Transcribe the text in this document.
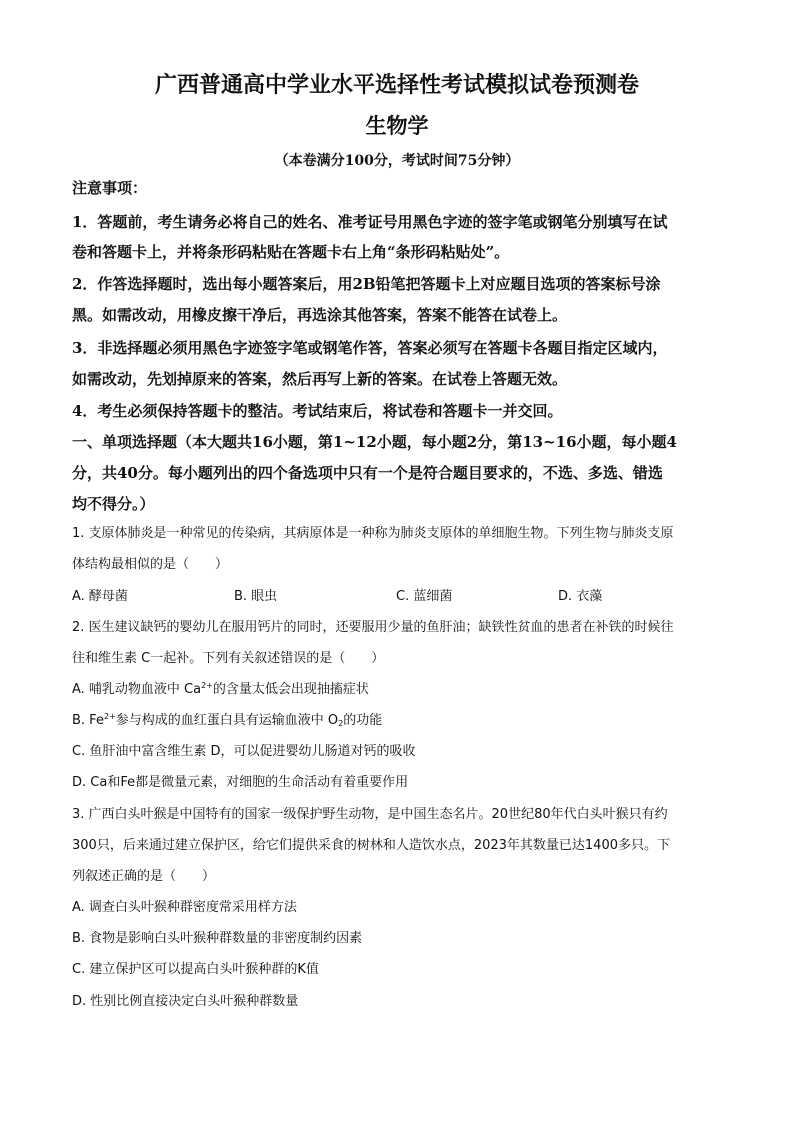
广西普通高中学业水平选择性考试模拟试卷预测卷
生物学
（本卷满分100分，考试时间75分钟）
注意事项：
1．答题前，考生请务必将自己的姓名、准考证号用黑色字迹的签字笔或钢笔分别填写在试
卷和答题卡上，并将条形码粘贴在答题卡右上角“条形码粘贴处”。
2．作答选择题时，选出每小题答案后，用2B铅笔把答题卡上对应题目选项的答案标号涂
黑。如需改动，用橡皮擦干净后，再选涂其他答案，答案不能答在试卷上。
3．非选择题必须用黑色字迹签字笔或钢笔作答，答案必须写在答题卡各题目指定区域内，
如需改动，先划掉原来的答案，然后再写上新的答案。在试卷上答题无效。
4．考生必须保持答题卡的整洁。考试结束后，将试卷和答题卡一并交回。
一、单项选择题（本大题共16小题，第1~12小题，每小题2分，第13~16小题，每小题4
分，共40分。每小题列出的四个备选项中只有一个是符合题目要求的，不选、多选、错选
均不得分。）
1. 支原体肺炎是一种常见的传染病，其病原体是一种称为肺炎支原体的单细胞生物。下列生物与肺炎支原
体结构最相似的是（　　）
A. 酵母菌	B. 眼虫	C. 蓝细菌	D. 衣藻
2. 医生建议缺钙的婴幼儿在服用钙片的同时，还要服用少量的鱼肝油；缺铁性贫血的患者在补铁的时候往
往和维生素 C一起补。下列有关叙述错误的是（　　）
A. 哺乳动物血液中 $Ca^{2+}$的含量太低会出现抽搐症状
B. $Fe^{2+}$参与构成的血红蛋白具有运输血液中 $O_2$的功能
C. 鱼肝油中富含维生素 D，可以促进婴幼儿肠道对钙的吸收
D. Ca和Fe都是微量元素，对细胞的生命活动有着重要作用
3. 广西白头叶猴是中国特有的国家一级保护野生动物，是中国生态名片。20世纪80年代白头叶猴只有约
300只，后来通过建立保护区，给它们提供采食的树林和人造饮水点，2023年其数量已达1400多只。下
列叙述正确的是（　　）
A. 调查白头叶猴种群密度常采用样方法
B. 食物是影响白头叶猴种群数量的非密度制约因素
C. 建立保护区可以提高白头叶猴种群的K值
D. 性别比例直接决定白头叶猴种群数量
